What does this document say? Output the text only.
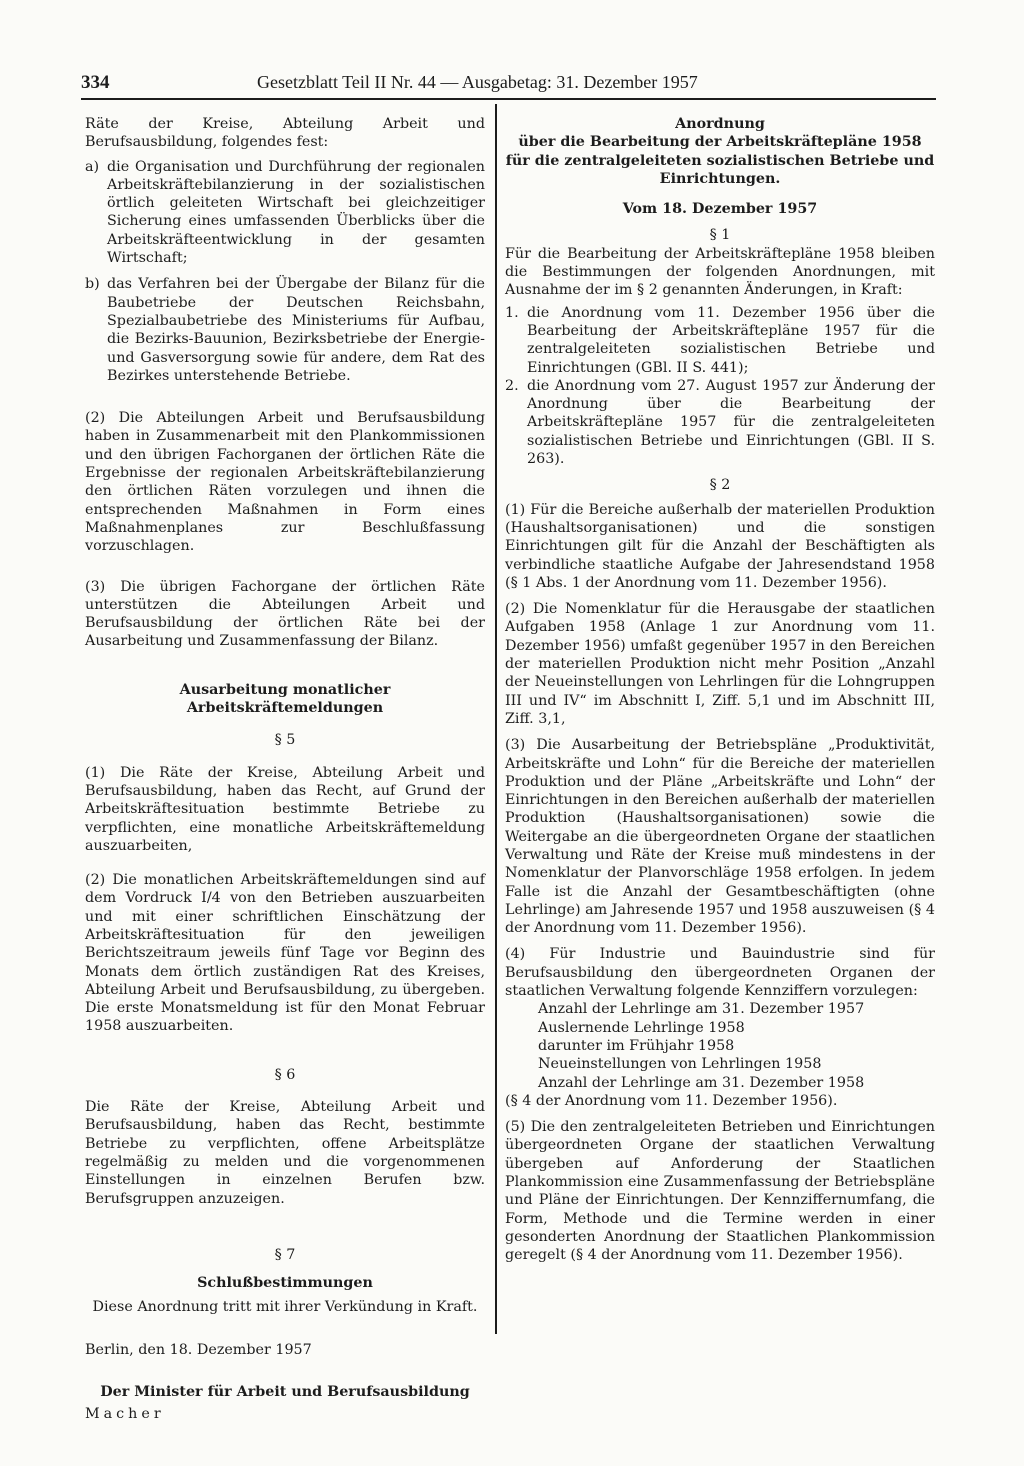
334	Gesetzblatt Teil II Nr. 44 — Ausgabetag: 31. Dezember 1957

Räte der Kreise, Abteilung Arbeit und Berufsausbildung, folgendes fest:

a) die Organisation und Durchführung der regionalen Arbeitskräftebilanzierung in der sozialistischen örtlich geleiteten Wirtschaft bei gleichzeitiger Sicherung eines umfassenden Überblicks über die Arbeitskräfteentwicklung in der gesamten Wirtschaft;
b) das Verfahren bei der Übergabe der Bilanz für die Baubetriebe der Deutschen Reichsbahn, Spezialbaubetriebe des Ministeriums für Aufbau, die Bezirks-Bauunion, Bezirksbetriebe der Energie- und Gasversorgung sowie für andere, dem Rat des Bezirkes unterstehende Betriebe.

(2) Die Abteilungen Arbeit und Berufsausbildung haben in Zusammenarbeit mit den Plankommissionen und den übrigen Fachorganen der örtlichen Räte die Ergebnisse der regionalen Arbeitskräftebilanzierung den örtlichen Räten vorzulegen und ihnen die entsprechenden Maßnahmen in Form eines Maßnahmenplanes zur Beschlußfassung vorzuschlagen.

(3) Die übrigen Fachorgane der örtlichen Räte unterstützen die Abteilungen Arbeit und Berufsausbildung der örtlichen Räte bei der Ausarbeitung und Zusammenfassung der Bilanz.

Ausarbeitung monatlicher Arbeitskräftemeldungen

§ 5

(1) Die Räte der Kreise, Abteilung Arbeit und Berufsausbildung, haben das Recht, auf Grund der Arbeitskräftesituation bestimmte Betriebe zu verpflichten, eine monatliche Arbeitskräftemeldung auszuarbeiten,

(2) Die monatlichen Arbeitskräftemeldungen sind auf dem Vordruck I/4 von den Betrieben auszuarbeiten und mit einer schriftlichen Einschätzung der Arbeitskräftesituation für den jeweiligen Berichtszeitraum jeweils fünf Tage vor Beginn des Monats dem örtlich zuständigen Rat des Kreises, Abteilung Arbeit und Berufsausbildung, zu übergeben. Die erste Monatsmeldung ist für den Monat Februar 1958 auszuarbeiten.

§ 6

Die Räte der Kreise, Abteilung Arbeit und Berufsausbildung, haben das Recht, bestimmte Betriebe zu verpflichten, offene Arbeitsplätze regelmäßig zu melden und die vorgenommenen Einstellungen in einzelnen Berufen bzw. Berufsgruppen anzuzeigen.

§ 7

Schlußbestimmungen

Diese Anordnung tritt mit ihrer Verkündung in Kraft.

Berlin, den 18. Dezember 1957

Der Minister für Arbeit und Berufsausbildung

Macher

Anordnung

über die Bearbeitung der Arbeitskräftepläne 1958 für die zentralgeleiteten sozialistischen Betriebe und Einrichtungen.

Vom 18. Dezember 1957

§ 1

Für die Bearbeitung der Arbeitskräftepläne 1958 bleiben die Bestimmungen der folgenden Anordnungen, mit Ausnahme der im § 2 genannten Änderungen, in Kraft:

1. die Anordnung vom 11. Dezember 1956 über die Bearbeitung der Arbeitskräftepläne 1957 für die zentralgeleiteten sozialistischen Betriebe und Einrichtungen (GBl. II S. 441);
2. die Anordnung vom 27. August 1957 zur Änderung der Anordnung über die Bearbeitung der Arbeitskräftepläne 1957 für die zentralgeleiteten sozialistischen Betriebe und Einrichtungen (GBl. II S. 263).

§ 2

(1) Für die Bereiche außerhalb der materiellen Produktion (Haushaltsorganisationen) und die sonstigen Einrichtungen gilt für die Anzahl der Beschäftigten als verbindliche staatliche Aufgabe der Jahresendstand 1958 (§ 1 Abs. 1 der Anordnung vom 11. Dezember 1956).

(2) Die Nomenklatur für die Herausgabe der staatlichen Aufgaben 1958 (Anlage 1 zur Anordnung vom 11. Dezember 1956) umfaßt gegenüber 1957 in den Bereichen der materiellen Produktion nicht mehr Position „Anzahl der Neueinstellungen von Lehrlingen für die Lohngruppen III und IV“ im Abschnitt I, Ziff. 5,1 und im Abschnitt III, Ziff. 3,1,

(3) Die Ausarbeitung der Betriebspläne „Produktivität, Arbeitskräfte und Lohn“ für die Bereiche der materiellen Produktion und der Pläne „Arbeitskräfte und Lohn“ der Einrichtungen in den Bereichen außerhalb der materiellen Produktion (Haushaltsorganisationen) sowie die Weitergabe an die übergeordneten Organe der staatlichen Verwaltung und Räte der Kreise muß mindestens in der Nomenklatur der Planvorschläge 1958 erfolgen. In jedem Falle ist die Anzahl der Gesamtbeschäftigten (ohne Lehrlinge) am Jahresende 1957 und 1958 auszuweisen (§ 4 der Anordnung vom 11. Dezember 1956).

(4) Für Industrie und Bauindustrie sind für Berufsausbildung den übergeordneten Organen der staatlichen Verwaltung folgende Kennziffern vorzulegen:

Anzahl der Lehrlinge am 31. Dezember 1957
Auslernende Lehrlinge 1958
darunter im Frühjahr 1958
Neueinstellungen von Lehrlingen 1958
Anzahl der Lehrlinge am 31. Dezember 1958

(§ 4 der Anordnung vom 11. Dezember 1956).

(5) Die den zentralgeleiteten Betrieben und Einrichtungen übergeordneten Organe der staatlichen Verwaltung übergeben auf Anforderung der Staatlichen Plankommission eine Zusammenfassung der Betriebspläne und Pläne der Einrichtungen. Der Kennziffernumfang, die Form, Methode und die Termine werden in einer gesonderten Anordnung der Staatlichen Plankommission geregelt (§ 4 der Anordnung vom 11. Dezember 1956).
